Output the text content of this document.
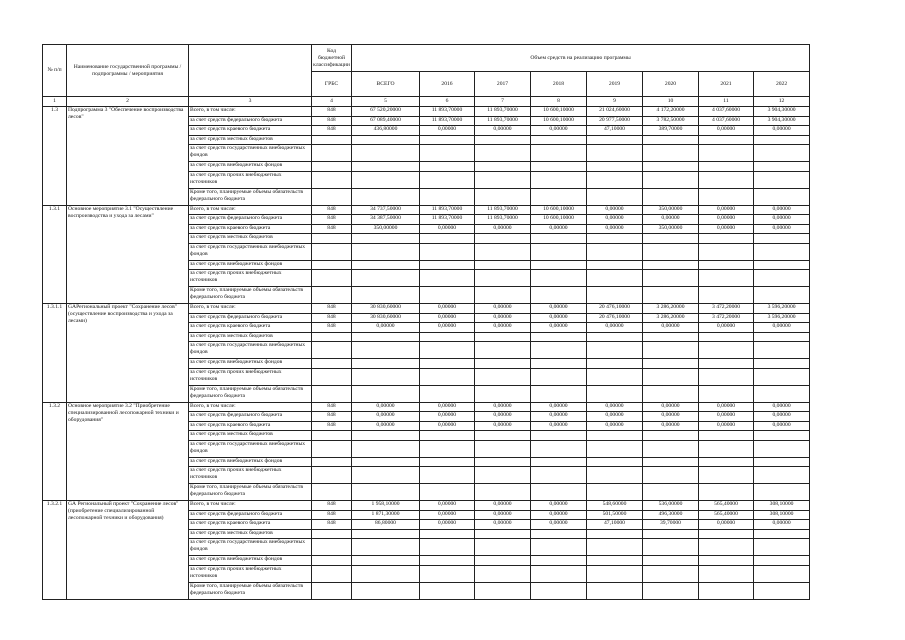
№ п/п	Наименование государственной программы / подпрограммы / мероприятия		Код бюджетной классификации	Объем средств на реализацию программы							
			ГРБС	ВСЕГО	2016	2017	2018	2019	2020	2021	2022
1	2	3	4	5	6	7	8	9	10	11	12
1.3	Подпрограмма 3 "Обеспечение воспроизводства лесов"	Всего, в том числе:	848	67 520,20000	11 893,70000	11 893,70000	10 600,10000	21 024,60000	4 172,20000	4 037,60000	3 904,30000
		за счет средств федерального бюджета	848	67 089,40000	11 893,70000	11 893,70000	10 600,10000	20 977,50000	3 782,50000	4 037,60000	3 904,30000
		за счет средств краевого бюджета	848	436,80000	0,00000	0,00000	0,00000	47,10000	389,70000	0,00000	0,00000
		за счет средств местных бюджетов									
		за счет средств государственных внебюджетных фондов									
		за счет средств внебюджетных фондов									
		за счет средств прочих внебюджетных источников									
		Кроме того, планируемые объемы обязательств федерального бюджета									
1.3.1	Основное мероприятие 3.1 "Осуществление воспроизводства и ухода за лесами"	Всего, в том числе:	848	34 737,50000	11 893,70000	11 893,70000	10 600,10000	0,00000	350,00000	0,00000	0,00000
		за счет средств федерального бюджета	848	34 387,50000	11 893,70000	11 893,70000	10 600,10000	0,00000	0,00000	0,00000	0,00000
		за счет средств краевого бюджета	848	350,00000	0,00000	0,00000	0,00000	0,00000	350,00000	0,00000	0,00000
		за счет средств местных бюджетов									
		за счет средств государственных внебюджетных фондов									
		за счет средств внебюджетных фондов									
		за счет средств прочих внебюджетных источников									
		Кроме того, планируемые объемы обязательств федерального бюджета									
1.3.1.1	GАРегиональный проект "Сохранение лесов" (осуществление воспроизводства и ухода за лесами)	Всего, в том числе:	848	30 830,60000	0,00000	0,00000	0,00000	20 476,10000	3 286,20000	3 472,20000	3 596,20000
		за счет средств федерального бюджета	848	30 830,60000	0,00000	0,00000	0,00000	20 476,10000	3 286,20000	3 472,20000	3 596,20000
		за счет средств краевого бюджета	848	0,00000	0,00000	0,00000	0,00000	0,00000	0,00000	0,00000	0,00000
		за счет средств местных бюджетов									
		за счет средств государственных внебюджетных фондов									
		за счет средств внебюджетных фондов									
		за счет средств прочих внебюджетных источников									
		Кроме того, планируемые объемы обязательств федерального бюджета									
1.3.2	Основное мероприятие 3.2 "Приобретение специализированной лесопожарной техники и оборудования"	Всего, в том числе:	848	0,00000	0,00000	0,00000	0,00000	0,00000	0,00000	0,00000	0,00000
		за счет средств федерального бюджета	848	0,00000	0,00000	0,00000	0,00000	0,00000	0,00000	0,00000	0,00000
		за счет средств краевого бюджета	848	0,00000	0,00000	0,00000	0,00000	0,00000	0,00000	0,00000	0,00000
		за счет средств местных бюджетов									
		за счет средств государственных внебюджетных фондов									
		за счет средств внебюджетных фондов									
		за счет средств прочих внебюджетных источников									
		Кроме того, планируемые объемы обязательств федерального бюджета									
1.3.2.1	GА Региональный проект "Сохранение лесов" (приобретение специализированной лесопожарной техники и оборудования)	Всего, в том числе:	848	1 958,10000	0,00000	0,00000	0,00000	548,60000	536,00000	565,40000	308,10000
		за счет средств федерального бюджета	848	1 871,30000	0,00000	0,00000	0,00000	501,50000	496,30000	565,40000	308,10000
		за счет средств краевого бюджета	848	86,80000	0,00000	0,00000	0,00000	47,10000	39,70000	0,00000	0,00000
		за счет средств местных бюджетов									
		за счет средств государственных внебюджетных фондов									
		за счет средств внебюджетных фондов									
		за счет средств прочих внебюджетных источников									
		Кроме того, планируемые объемы обязательств федерального бюджета									
